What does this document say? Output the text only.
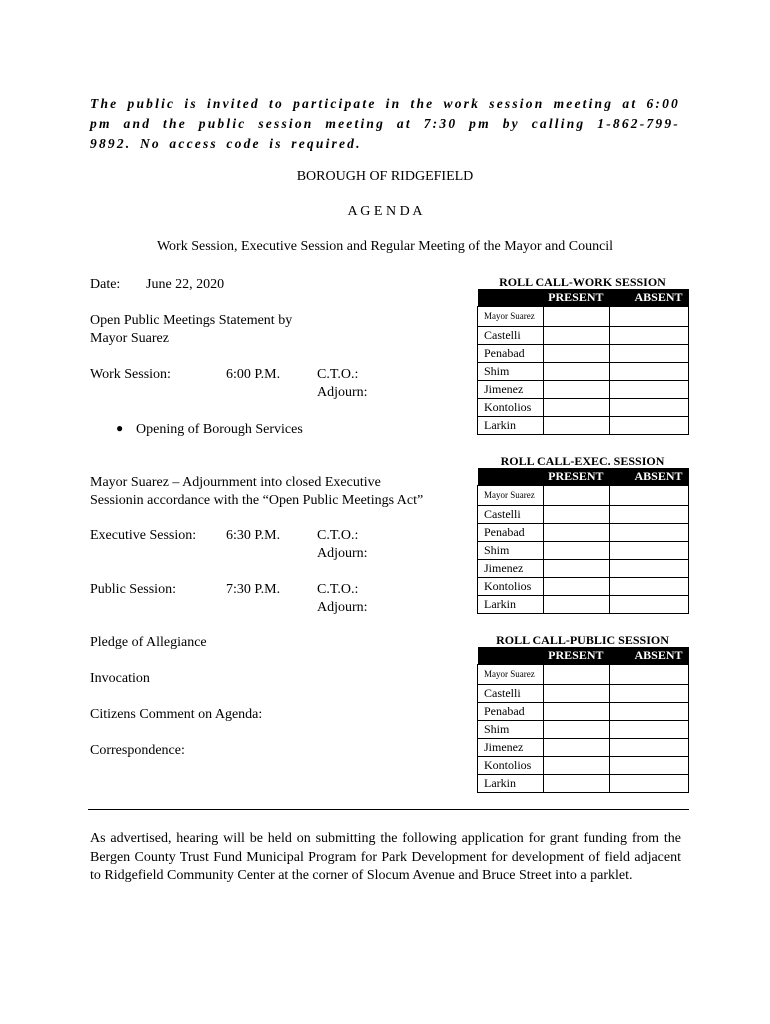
The public is invited to participate in the work session meeting at 6:00 pm and the public session meeting at 7:30 pm by calling 1-862-799-9892. No access code is required.
BOROUGH OF RIDGEFIELD
A G E N D A
Work Session, Executive Session and Regular Meeting of the Mayor and Council
Date: June 22, 2020
Open Public Meetings Statement by
Mayor Suarez
Work Session:	6:00 P.M.	C.T.O.:
Adjourn:
● Opening of Borough Services
Mayor Suarez – Adjournment into closed Executive
Sessionin accordance with the “Open Public Meetings Act”
Executive Session: 6:30 P.M.	C.T.O.:
Adjourn:
Public Session:	7:30 P.M.	C.T.O.:
Adjourn:
Pledge of Allegiance
Invocation
Citizens Comment on Agenda:
Correspondence:
ROLL CALL-WORK SESSION
	PRESENT	ABSENT
Mayor Suarez		
Castelli		
Penabad		
Shim		
Jimenez		
Kontolios		
Larkin		
ROLL CALL-EXEC. SESSION
	PRESENT	ABSENT
Mayor Suarez		
Castelli		
Penabad		
Shim		
Jimenez		
Kontolios		
Larkin		
ROLL CALL-PUBLIC SESSION
	PRESENT	ABSENT
Mayor Suarez		
Castelli		
Penabad		
Shim		
Jimenez		
Kontolios		
Larkin		
As advertised, hearing will be held on submitting the following application for grant funding from the Bergen County Trust Fund Municipal Program for Park Development for development of field adjacent to Ridgefield Community Center at the corner of Slocum Avenue and Bruce Street into a parklet.
